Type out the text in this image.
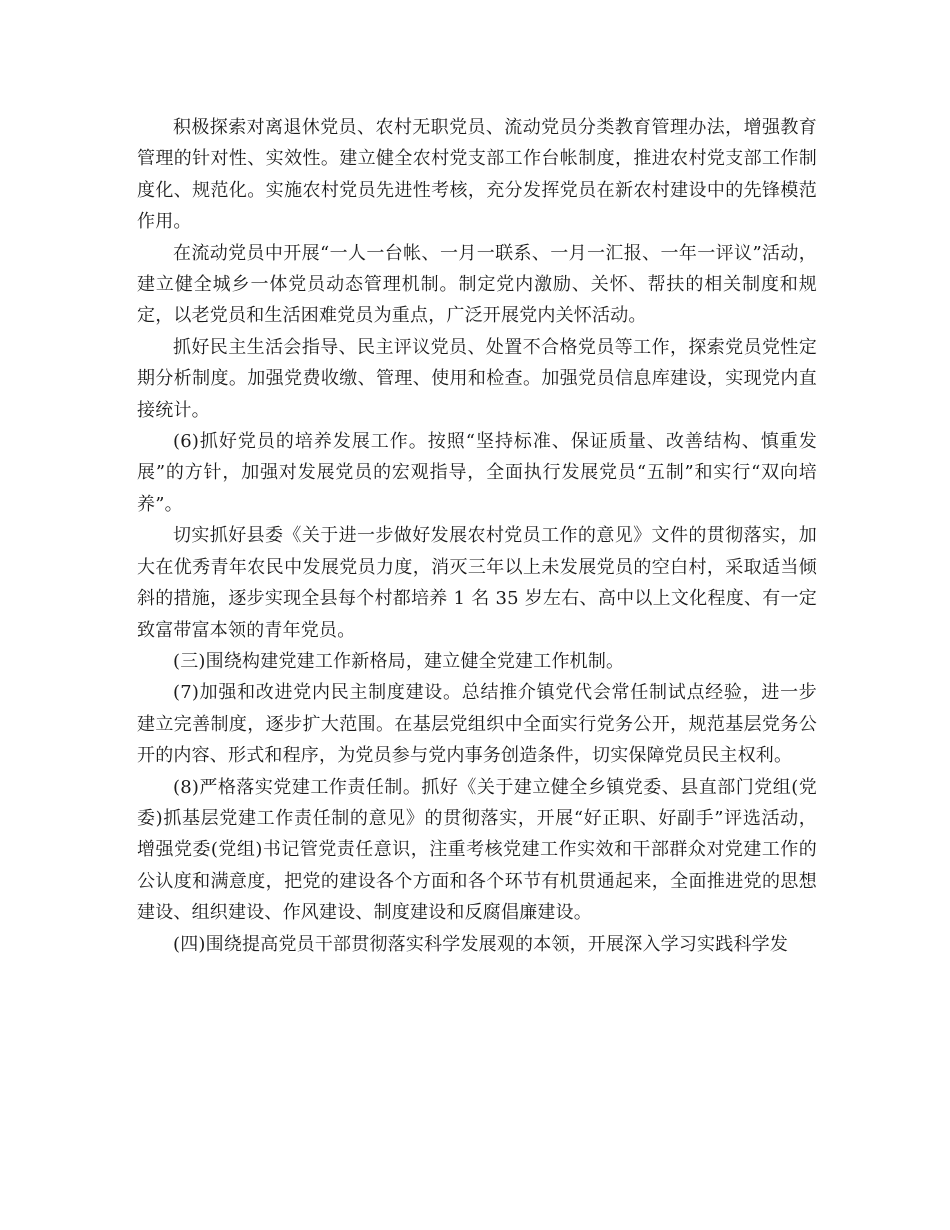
积极探索对离退休党员、农村无职党员、流动党员分类教育管理办法，增强教育管理的针对性、实效性。建立健全农村党支部工作台帐制度，推进农村党支部工作制度化、规范化。实施农村党员先进性考核，充分发挥党员在新农村建设中的先锋模范作用。

在流动党员中开展“一人一台帐、一月一联系、一月一汇报、一年一评议”活动，建立健全城乡一体党员动态管理机制。制定党内激励、关怀、帮扶的相关制度和规定，以老党员和生活困难党员为重点，广泛开展党内关怀活动。

抓好民主生活会指导、民主评议党员、处置不合格党员等工作，探索党员党性定期分析制度。加强党费收缴、管理、使用和检查。加强党员信息库建设，实现党内直接统计。

(6)抓好党员的培养发展工作。按照“坚持标准、保证质量、改善结构、慎重发展”的方针，加强对发展党员的宏观指导，全面执行发展党员“五制”和实行“双向培养”。

切实抓好县委《关于进一步做好发展农村党员工作的意见》文件的贯彻落实，加大在优秀青年农民中发展党员力度，消灭三年以上未发展党员的空白村，采取适当倾斜的措施，逐步实现全县每个村都培养 1 名 35 岁左右、高中以上文化程度、有一定致富带富本领的青年党员。

(三)围绕构建党建工作新格局，建立健全党建工作机制。

(7)加强和改进党内民主制度建设。总结推介镇党代会常任制试点经验，进一步建立完善制度，逐步扩大范围。在基层党组织中全面实行党务公开，规范基层党务公开的内容、形式和程序，为党员参与党内事务创造条件，切实保障党员民主权利。

(8)严格落实党建工作责任制。抓好《关于建立健全乡镇党委、县直部门党组(党委)抓基层党建工作责任制的意见》的贯彻落实，开展“好正职、好副手”评选活动，增强党委(党组)书记管党责任意识，注重考核党建工作实效和干部群众对党建工作的公认度和满意度，把党的建设各个方面和各个环节有机贯通起来，全面推进党的思想建设、组织建设、作风建设、制度建设和反腐倡廉建设。

(四)围绕提高党员干部贯彻落实科学发展观的本领，开展深入学习实践科学发
